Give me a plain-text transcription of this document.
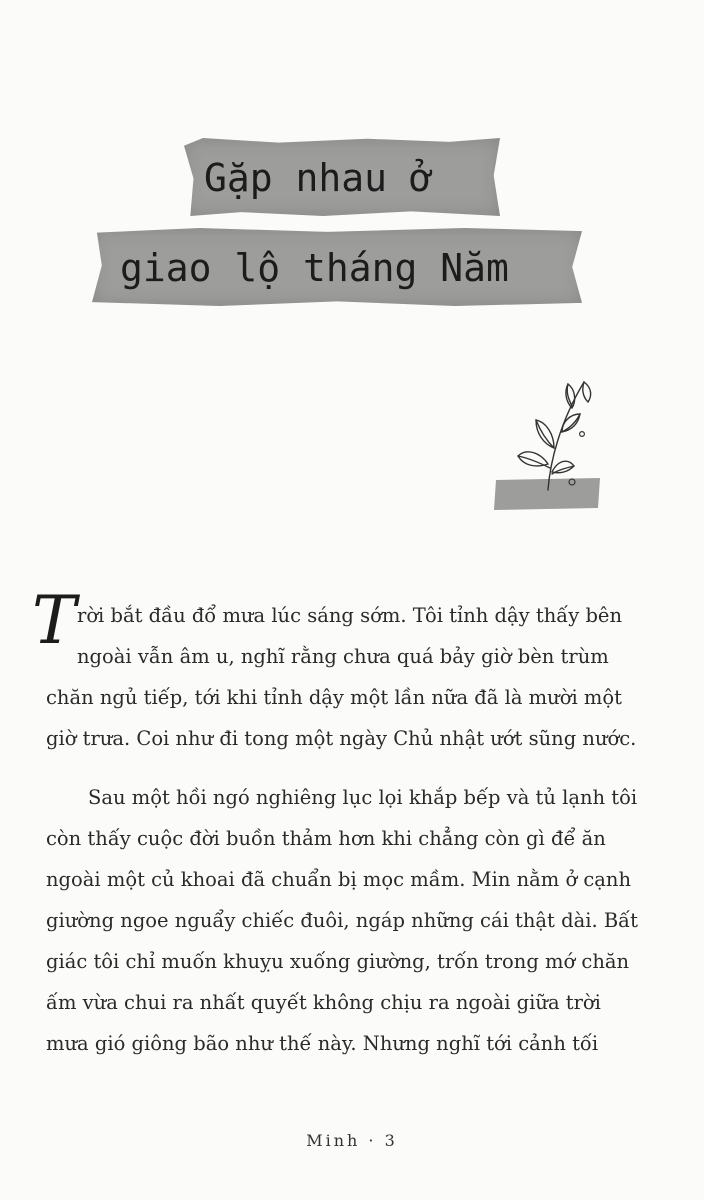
Gặp nhau ở
giao lộ tháng Năm
T rời bắt đầu đổ mưa lúc sáng sớm. Tôi tỉnh dậy thấy bên

ngoài vẫn âm u, nghĩ rằng chưa quá bảy giờ bèn trùm

chăn ngủ tiếp, tới khi tỉnh dậy một lần nữa đã là mười một

giờ trưa. Coi như đi tong một ngày Chủ nhật ướt sũng nước.

Sau một hồi ngó nghiêng lục lọi khắp bếp và tủ lạnh tôi

còn thấy cuộc đời buồn thảm hơn khi chẳng còn gì để ăn

ngoài một củ khoai đã chuẩn bị mọc mầm. Min nằm ở cạnh

giường ngoe nguẩy chiếc đuôi, ngáp những cái thật dài. Bất

giác tôi chỉ muốn khuỵu xuống giường, trốn trong mớ chăn

ấm vừa chui ra nhất quyết không chịu ra ngoài giữa trời

mưa gió giông bão như thế này. Nhưng nghĩ tới cảnh tối

Minh · 3
